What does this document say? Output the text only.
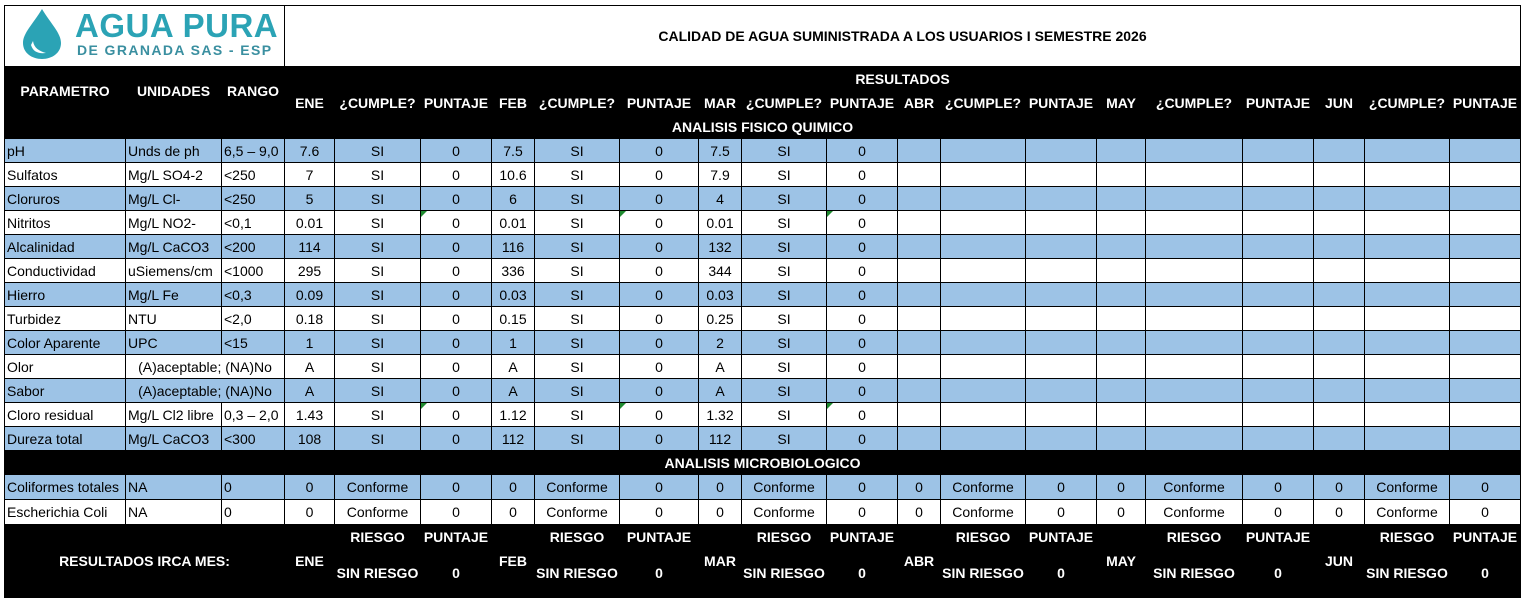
AGUA PURA
DE GRANADA SAS - ESP			CALIDAD DE AGUA SUMINISTRADA A LOS USUARIOS I SEMESTRE 2026																	
PARAMETRO	UNIDADES	RANGO	RESULTADOS																	
			ENE	¿CUMPLE?	PUNTAJE	FEB	¿CUMPLE?	PUNTAJE	MAR	¿CUMPLE?	PUNTAJE	ABR	¿CUMPLE?	PUNTAJE	MAY	¿CUMPLE?	PUNTAJE	JUN	¿CUMPLE?	PUNTAJE
ANALISIS FISICO QUIMICO																				
pH	Unds de ph	6,5 – 9,0	7.6	SI	0	7.5	SI	0	7.5	SI	0									
Sulfatos	Mg/L SO4-2	<250	7	SI	0	10.6	SI	0	7.9	SI	0									
Cloruros	Mg/L Cl-	<250	5	SI	0	6	SI	0	4	SI	0									
Nitritos	Mg/L NO2-	<0,1	0.01	SI	0	0.01	SI	0	0.01	SI	0									
Alcalinidad	Mg/L CaCO3	<200	114	SI	0	116	SI	0	132	SI	0									
Conductividad	uSiemens/cm	<1000	295	SI	0	336	SI	0	344	SI	0									
Hierro	Mg/L Fe	<0,3	0.09	SI	0	0.03	SI	0	0.03	SI	0									
Turbidez	NTU	<2,0	0.18	SI	0	0.15	SI	0	0.25	SI	0									
Color Aparente	UPC	<15	1	SI	0	1	SI	0	2	SI	0									
Olor	(A)aceptable; (NA)No		A	SI	0	A	SI	0	A	SI	0									
Sabor	(A)aceptable; (NA)No		A	SI	0	A	SI	0	A	SI	0									
Cloro residual	Mg/L Cl2 libre	0,3 – 2,0	1.43	SI	0	1.12	SI	0	1.32	SI	0									
Dureza total	Mg/L CaCO3	<300	108	SI	0	112	SI	0	112	SI	0									
ANALISIS MICROBIOLOGICO																				
Coliformes totales	NA	0	0	Conforme	0	0	Conforme	0	0	Conforme	0	0	Conforme	0	0	Conforme	0	0	Conforme	0
Escherichia Coli	NA	0	0	Conforme	0	0	Conforme	0	0	Conforme	0	0	Conforme	0	0	Conforme	0	0	Conforme	0
RESULTADOS IRCA MES:			ENE	RIESGO	PUNTAJE	FEB	RIESGO	PUNTAJE	MAR	RIESGO	PUNTAJE	ABR	RIESGO	PUNTAJE	MAY	RIESGO	PUNTAJE	JUN	RIESGO	PUNTAJE
				SIN RIESGO	0		SIN RIESGO	0		SIN RIESGO	0		SIN RIESGO	0		SIN RIESGO	0		SIN RIESGO	0
